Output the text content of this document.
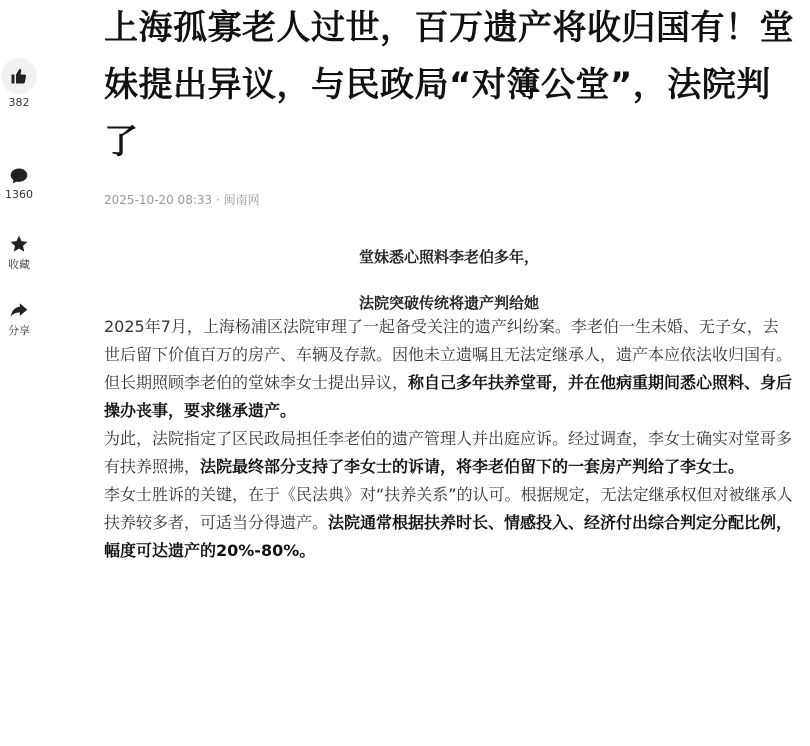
382
1360
收藏
分享
上海孤寡老人过世，百万遗产将收归国有！堂妹提出异议，与民政局“对簿公堂”，法院判了
2025-10-20 08:33 · 闽南网

堂妹悉心照料李老伯多年，

法院突破传统将遗产判给她

2025年7月，上海杨浦区法院审理了一起备受关注的遗产纠纷案。李老伯一生未婚、无子女，去世后留下价值百万的房产、车辆及存款。因他未立遗嘱且无法定继承人，遗产本应依法收归国有。

但长期照顾李老伯的堂妹李女士提出异议，称自己多年扶养堂哥，并在他病重期间悉心照料、身后操办丧事，要求继承遗产。

为此，法院指定了区民政局担任李老伯的遗产管理人并出庭应诉。经过调查，李女士确实对堂哥多有扶养照拂，法院最终部分支持了李女士的诉请，将李老伯留下的一套房产判给了李女士。

李女士胜诉的关键，在于《民法典》对“扶养关系”的认可。根据规定，无法定继承权但对被继承人扶养较多者，可适当分得遗产。法院通常根据扶养时长、情感投入、经济付出综合判定分配比例，幅度可达遗产的20%-80%。
